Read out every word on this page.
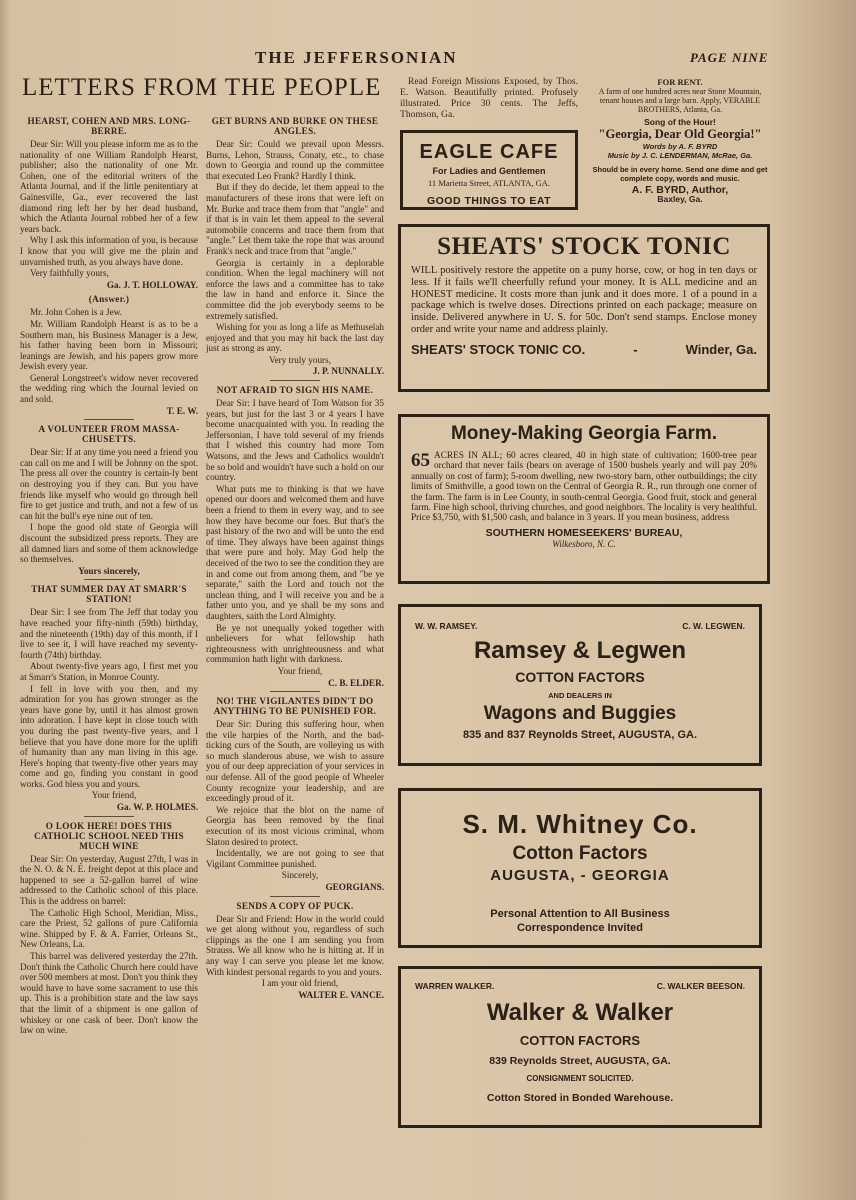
THE JEFFERSONIAN	PAGE NINE
LETTERS FROM THE PEOPLE
HEARST, COHEN AND MRS. LONG-BERRE.

Dear Sir: Will you please inform me as to the nationality of one William Randolph Hearst, publisher; also the nationality of one Mr. Cohen, one of the editorial writers of the Atlanta Journal, and if the little penitentiary at Gainesville, Ga., ever recovered the last diamond ring left her by her dead husband, which the Atlanta Journal robbed her of a few years back.

Why I ask this information of you, is because I know that you will give me the plain and unvarnished truth, as you always have done.

Very faithfully yours,

Ga. J. T. HOLLOWAY.

(Answer.)

Mr. John Cohen is a Jew.

Mr. William Randolph Hearst is as to be a Southern man, his Business Manager is a Jew, his father having been born in Missouri; leanings are Jewish, and his papers grow more Jewish every year.

General Longstreet's widow never recovered the wedding ring which the Journal levied on and sold.

T. E. W.

A VOLUNTEER FROM MASSA-CHUSETTS.

Dear Sir: If at any time you need a friend you can call on me and I will be Johnny on the spot. The press all over the country is certain-ly bent on destroying you if they can. But you have friends like myself who would go through hell fire to get justice and truth, and not a few of us can hit the bull's eye nine out of ten.

I hope the good old state of Georgia will discount the subsidized press reports. They are all damned liars and some of them acknowledge so themselves.

Yours sincerely,

THAT SUMMER DAY AT SMARR'S STATION!

Dear Sir: I see from The Jeff that today you have reached your fifty-ninth (59th) birthday, and the nineteenth (19th) day of this month, if I live to see it, I will have reached my seventy-fourth (74th) birthday.

About twenty-five years ago, I first met you at Smarr's Station, in Monroe County.

I fell in love with you then, and my admiration for you has grown stronger as the years have gone by, until it has almost grown into adoration. I have kept in close touch with you during the past twenty-five years, and I believe that you have done more for the uplift of humanity than any man living in this age. Here's hoping that twenty-five other years may come and go, finding you constant in good works. God bless you and yours.

Your friend,

Ga. W. P. HOLMES.

O LOOK HERE! DOES THIS CATHOLIC SCHOOL NEED THIS MUCH WINE

Dear Sir: On yesterday, August 27th, I was in the N. O. & N. E. freight depot at this place and happened to see a 52-gallon barrel of wine addressed to the Catholic school of this place. This is the address on barrel:

The Catholic High School, Meridian, Miss., care the Priest, 52 gallons of pure California wine. Shipped by F. & A. Farrier, Orleans St., New Orleans, La.

This barrel was delivered yesterday the 27th. Don't think the Catholic Church here could have over 500 members at most. Don't you think they would have to have some sacrament to use this up. This is a prohibition state and the law says that the limit of a shipment is one gallon of whiskey or one cask of beer. Don't know the law on wine.

GET BURNS AND BURKE ON THESE ANGLES.

Dear Sir: Could we prevail upon Messrs. Burns, Lehon, Strauss, Conaty, etc., to chase down to Georgia and round up the committee that executed Leo Frank? Hardly I think.

But if they do decide, let them appeal to the manufacturers of these irons that were left on Mr. Burke and trace them from that "angle" and if that is in vain let them appeal to the several automobile concerns and trace them from that "angle." Let them take the rope that was around Frank's neck and trace from that "angle."

Georgia is certainly in a deplorable condition. When the legal machinery will not enforce the laws and a committee has to take the law in hand and enforce it. Since the committee did the job everybody seems to be extremely satisfied.

Wishing for you as long a life as Methuselah enjoyed and that you may hit back the last day just as strong as any.

Very truly yours,

J. P. NUNNALLY.

NOT AFRAID TO SIGN HIS NAME.

Dear Sir: I have heard of Tom Watson for 35 years, but just for the last 3 or 4 years I have become unacquainted with you. In reading the Jeffersonian, I have told several of my friends that I wished this country had more Tom Watsons, and the Jews and Catholics wouldn't be so bold and wouldn't have such a hold on our country.

What puts me to thinking is that we have opened our doors and welcomed them and have been a friend to them in every way, and to see how they have become our foes. But that's the past history of the two and will be unto the end of time. They always have been against things that were pure and holy. May God help the deceived of the two to see the condition they are in and come out from among them, and "be ye separate," saith the Lord and touch not the unclean thing, and I will receive you and be a father unto you, and ye shall be my sons and daughters, saith the Lord Almighty.

Be ye not unequally yoked together with unbelievers for what fellowship hath righteousness with unrighteousness and what communion hath light with darkness.

Your friend,

C. B. ELDER.

NO! THE VIGILANTES DIDN'T DO ANYTHING TO BE PUNISHED FOR.

Dear Sir: During this suffering hour, when the vile harpies of the North, and the bad-ticking curs of the South, are volleying us with so much slanderous abuse, we wish to assure you of our deep appreciation of your services in our defense. All of the good people of Wheeler County recognize your leadership, and are exceedingly proud of it.

We rejoice that the blot on the name of Georgia has been removed by the final execution of its most vicious criminal, whom Slaton desired to protect.

Incidentally, we are not going to see that Vigilant Committee punished.

Sincerely,

GEORGIANS.

SENDS A COPY OF PUCK.

Dear Sir and Friend: How in the world could we get along without you, regardless of such clippings as the one I am sending you from Strauss. We all know who he is hitting at. If in any way I can serve you please let me know. With kindest personal regards to you and yours.

I am your old friend,

WALTER E. VANCE.

Read Foreign Missions Exposed, by Thos. E. Watson. Beautifully printed. Profusely illustrated. Price 30 cents. The Jeffs, Thomson, Ga.

FOR RENT.
A farm of one hundred acres near Stone Mountain, tenant houses and a large barn. Apply, VERABLE BROTHERS, Atlanta, Ga.
EAGLE CAFE
For Ladies and Gentlemen
11 Marietta Street, ATLANTA, GA.
GOOD THINGS TO EAT
Song of the Hour!
"Georgia, Dear Old Georgia!"
Words by A. F. BYRD
Music by J. C. LENDERMAN, McRae, Ga.
Should be in every home. Send one dime and get complete copy, words and music.
A. F. BYRD, Author,
Baxley, Ga.
SHEATS' STOCK TONIC
WILL positively restore the appetite on a puny horse, cow, or hog in ten days or less. If it fails we'll cheerfully refund your money. It is ALL medicine and an HONEST medicine. It costs more than junk and it does more. 1 of a pound in a package which is twelve doses. Directions printed on each package; measure on inside. Delivered anywhere in U. S. for 50c. Don't send stamps. Enclose money order and write your name and address plainly.
SHEATS' STOCK TONIC CO.	-	Winder, Ga.
Money-Making Georgia Farm.
65 ACRES IN ALL; 60 acres cleared, 40 in high state of cultivation; 1600-tree pear orchard that never fails (bears on average of 1500 bushels yearly and will pay 20% annually on cost of farm); 5-room dwelling, new two-story barn, other outbuildings; the city limits of Smithville, a good town on the Central of Georgia R. R., run through one corner of the farm. The farm is in Lee County, in south-central Georgia. Good fruit, stock and general farm. Fine high school, thriving churches, and good neighbors. The locality is very healthful. Price $3,750, with $1,500 cash, and balance in 3 years. If you mean business, address
SOUTHERN HOMESEEKERS' BUREAU,
Wilkesboro, N. C.
W. W. RAMSEY.	C. W. LEGWEN.
Ramsey & Legwen
COTTON FACTORS
AND DEALERS IN
Wagons and Buggies
835 and 837 Reynolds Street, AUGUSTA, GA.
S. M. Whitney Co.
Cotton Factors
AUGUSTA, - GEORGIA
Personal Attention to All Business
Correspondence Invited
WARREN WALKER.	C. WALKER BEESON.
Walker & Walker
COTTON FACTORS
839 Reynolds Street, AUGUSTA, GA.
CONSIGNMENT SOLICITED.
Cotton Stored in Bonded Warehouse.
